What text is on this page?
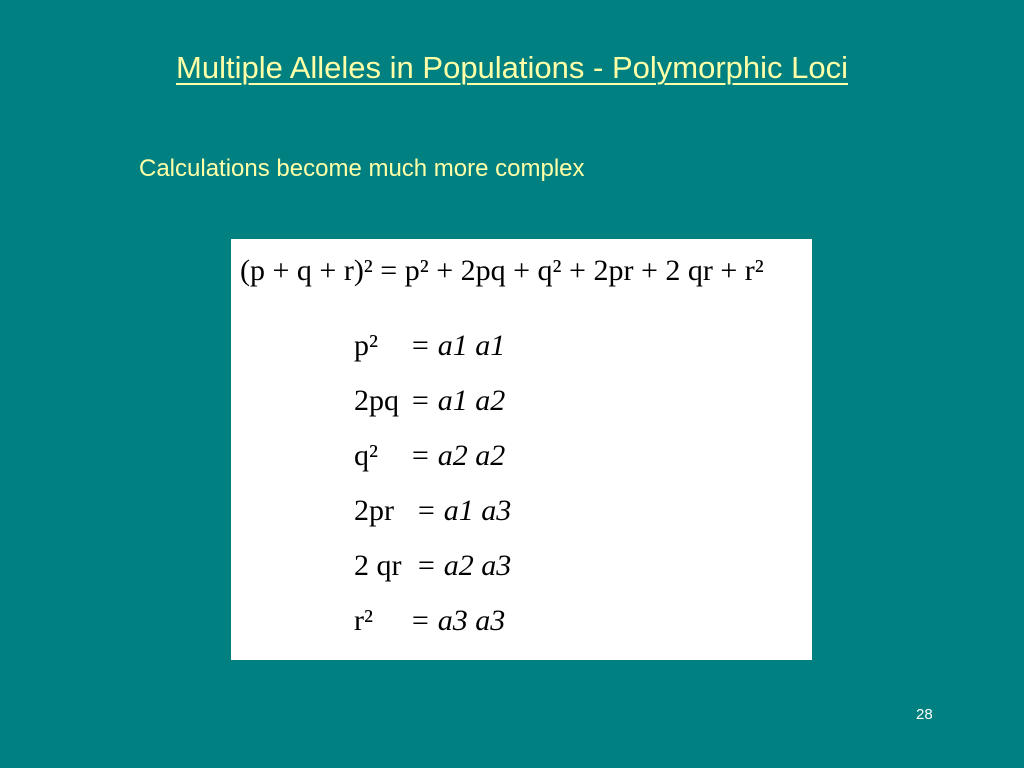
Multiple Alleles in Populations - Polymorphic Loci
Calculations become much more complex
(p + q + r)² = p² + 2pq + q² + 2pr + 2 qr + r²
p² = a1 a1
2pq = a1 a2
q² = a2 a2
2pr = a1 a3
2 qr = a2 a3
r² = a3 a3
28
